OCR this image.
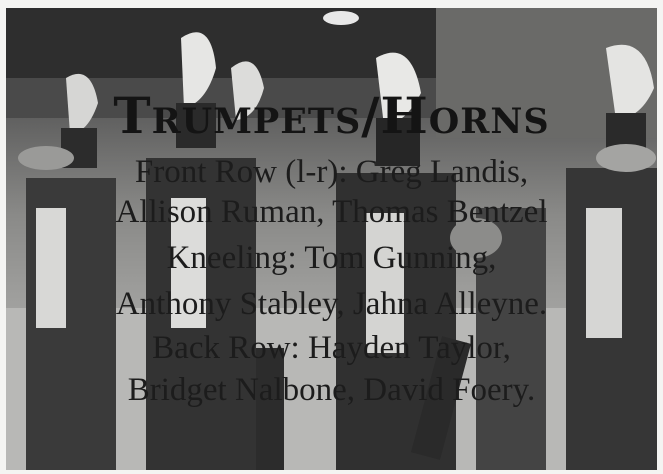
Trumpets/Horns
Front Row (l-r): Greg Landis,
Allison Ruman, Thomas Bentzel
Kneeling: Tom Gunning,
Anthony Stabley, Jahna Alleyne.
Back Row: Hayden Taylor,
Bridget Nalbone, David Foery.
